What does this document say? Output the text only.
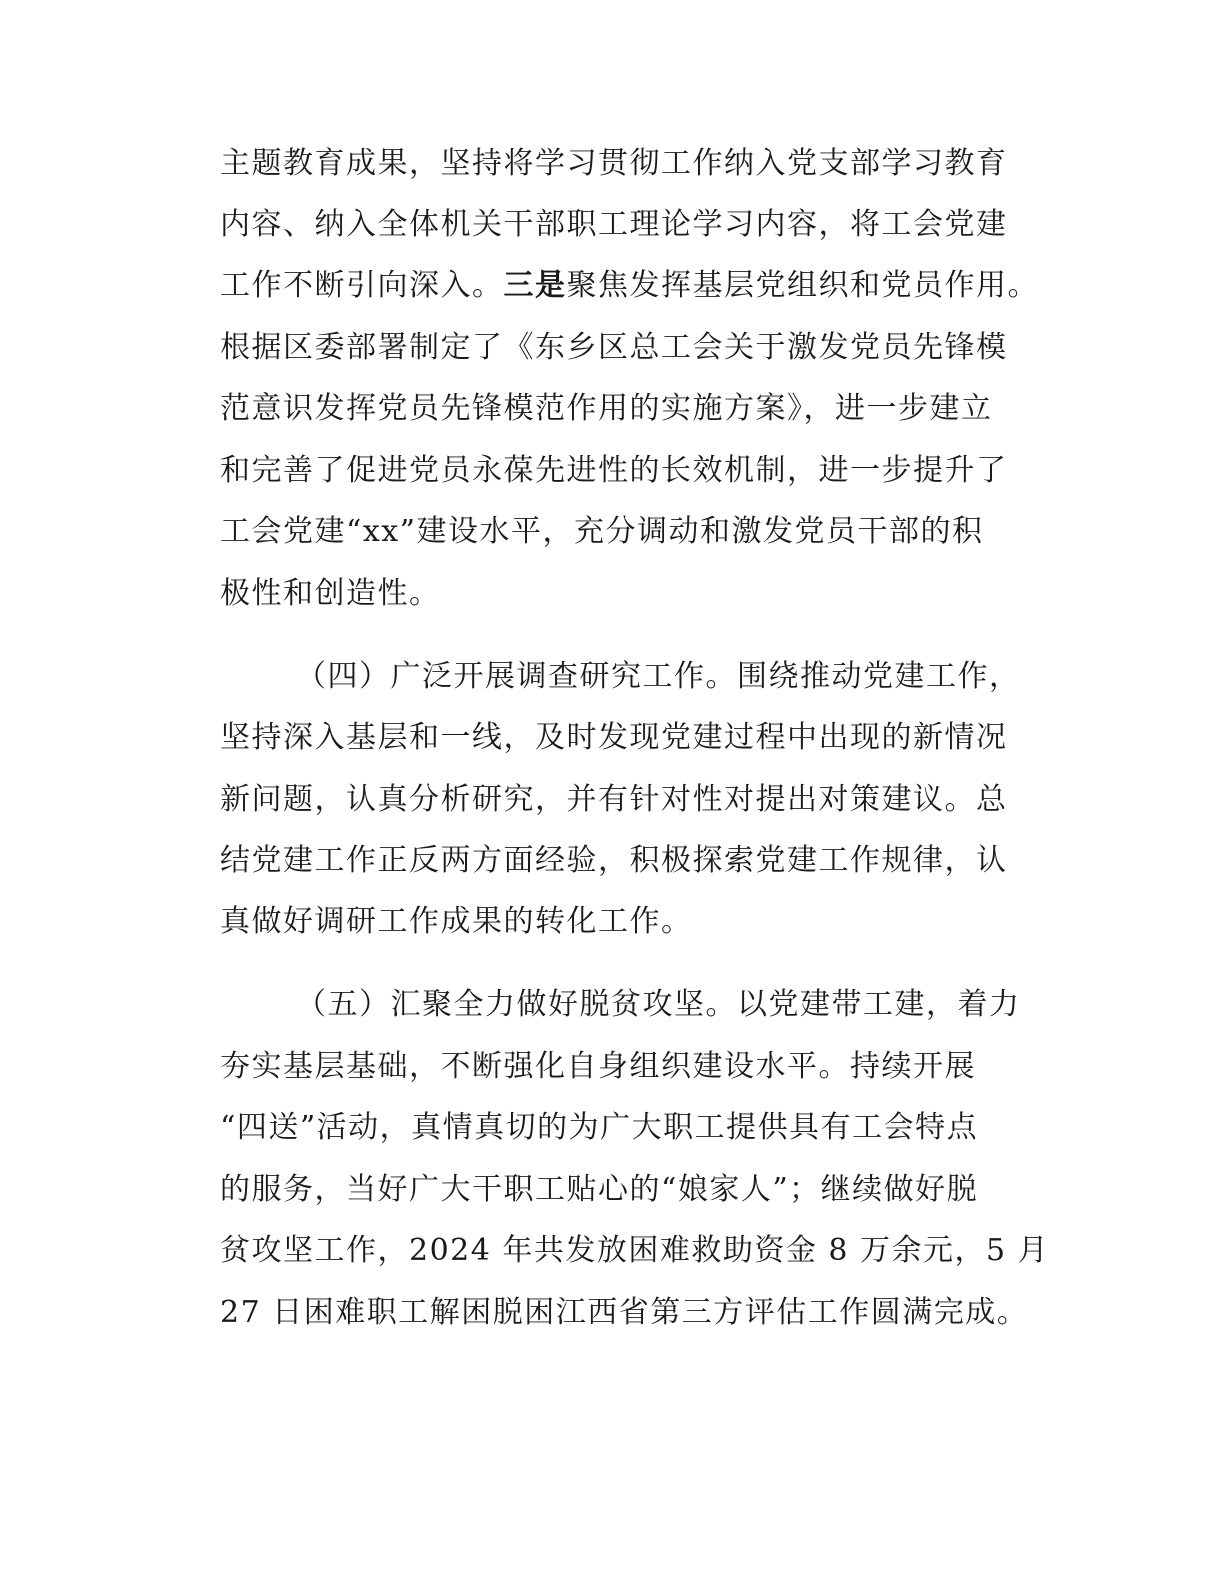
主题教育成果，坚持将学习贯彻工作纳入党支部学习教育
内容、纳入全体机关干部职工理论学习内容，将工会党建
工作不断引向深入。三是聚焦发挥基层党组织和党员作用。
根据区委部署制定了《东乡区总工会关于激发党员先锋模
范意识发挥党员先锋模范作用的实施方案》，进一步建立
和完善了促进党员永葆先进性的长效机制，进一步提升了
工会党建“xx”建设水平，充分调动和激发党员干部的积
极性和创造性。
（四）广泛开展调查研究工作。围绕推动党建工作，
坚持深入基层和一线，及时发现党建过程中出现的新情况
新问题，认真分析研究，并有针对性对提出对策建议。总
结党建工作正反两方面经验，积极探索党建工作规律，认
真做好调研工作成果的转化工作。
（五）汇聚全力做好脱贫攻坚。以党建带工建，着力
夯实基层基础，不断强化自身组织建设水平。持续开展
“四送”活动，真情真切的为广大职工提供具有工会特点
的服务，当好广大干职工贴心的“娘家人”；继续做好脱
贫攻坚工作，2024 年共发放困难救助资金 8 万余元，5 月
27 日困难职工解困脱困江西省第三方评估工作圆满完成。
